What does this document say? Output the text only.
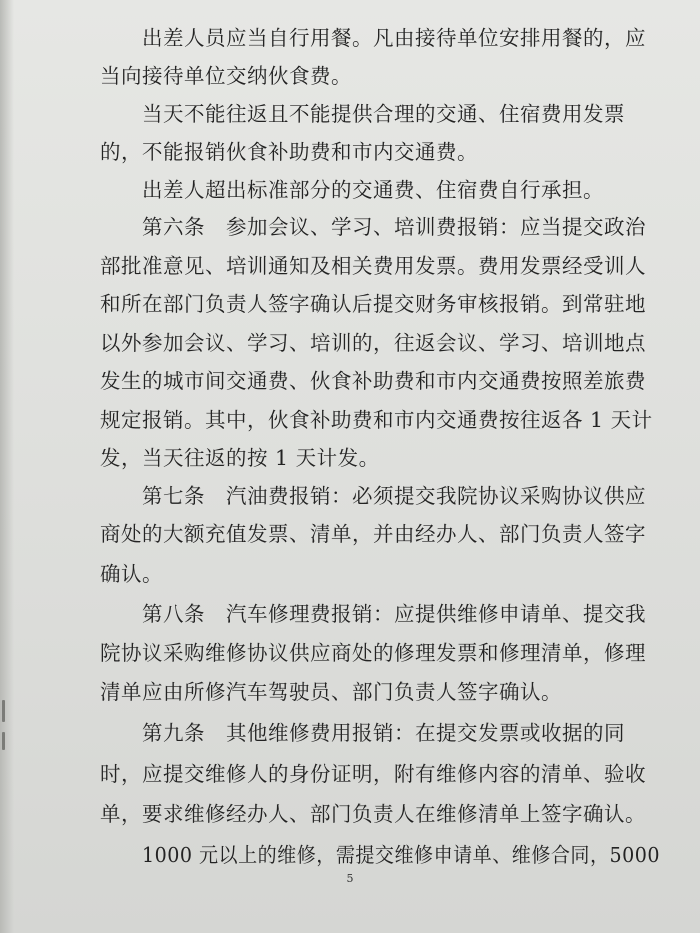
出差人员应当自行用餐。凡由接待单位安排用餐的，应

当向接待单位交纳伙食费。

当天不能往返且不能提供合理的交通、住宿费用发票

的，不能报销伙食补助费和市内交通费。

出差人超出标准部分的交通费、住宿费自行承担。

第六条　参加会议、学习、培训费报销：应当提交政治

部批准意见、培训通知及相关费用发票。费用发票经受训人

和所在部门负责人签字确认后提交财务审核报销。到常驻地

以外参加会议、学习、培训的，往返会议、学习、培训地点

发生的城市间交通费、伙食补助费和市内交通费按照差旅费

规定报销。其中，伙食补助费和市内交通费按往返各 1 天计

发，当天往返的按 1 天计发。

第七条　汽油费报销：必须提交我院协议采购协议供应

商处的大额充值发票、清单，并由经办人、部门负责人签字

确认。

第八条　汽车修理费报销：应提供维修申请单、提交我

院协议采购维修协议供应商处的修理发票和修理清单，修理

清单应由所修汽车驾驶员、部门负责人签字确认。

第九条　其他维修费用报销：在提交发票或收据的同

时，应提交维修人的身份证明，附有维修内容的清单、验收

单，要求维修经办人、部门负责人在维修清单上签字确认。

1000 元以上的维修，需提交维修申请单、维修合同，5000

5
